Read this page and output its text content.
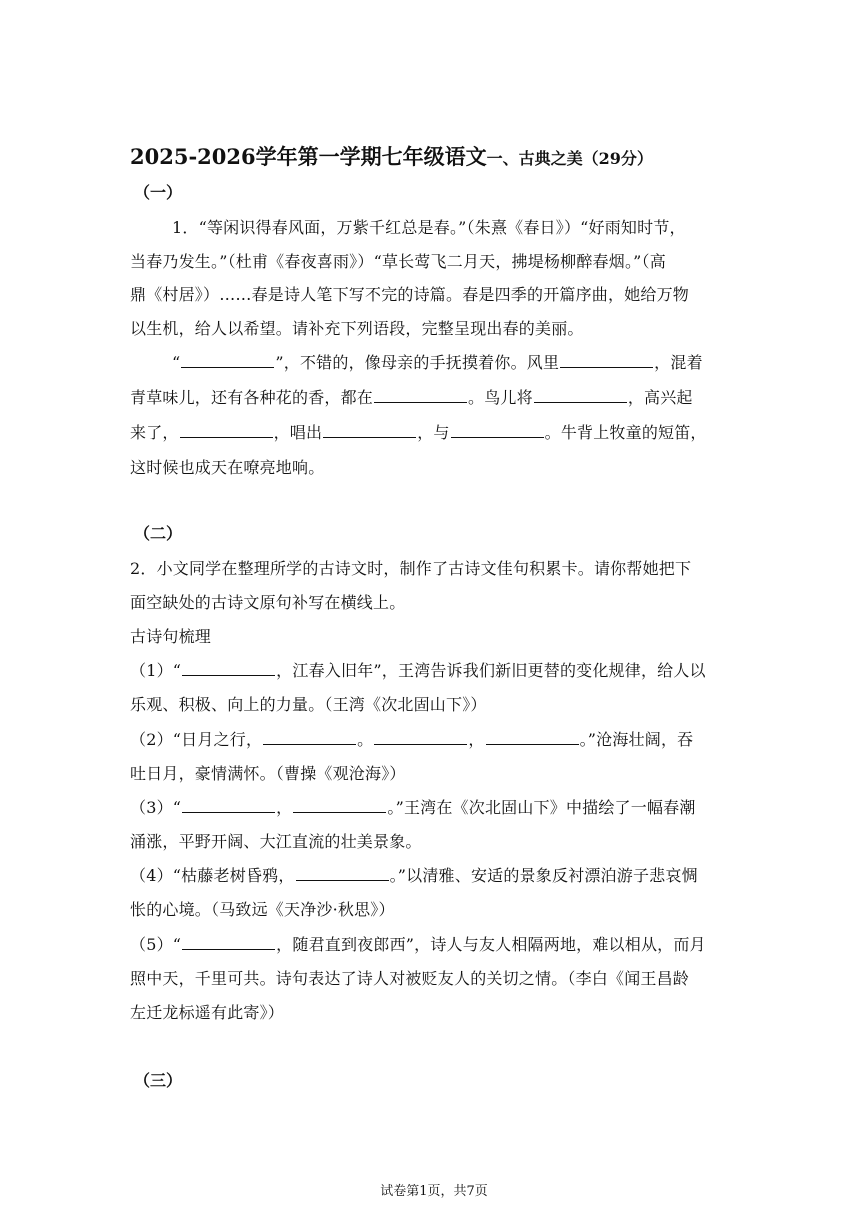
2025-2026学年第一学期七年级语文一、古典之美（29分）
（一）
1．“等闲识得春风面，万紫千红总是春。”（朱熹《春日》）“好雨知时节，
当春乃发生。”（杜甫《春夜喜雨》）“草长莺飞二月天，拂堤杨柳醉春烟。”（高
鼎《村居》）……春是诗人笔下写不完的诗篇。春是四季的开篇序曲，她给万物
以生机，给人以希望。请补充下列语段，完整呈现出春的美丽。
“	”，不错的，像母亲的手抚摸着你。风里	，混着
青草味儿，还有各种花的香，都在	。鸟儿将	，高兴起
来了，	，唱出	，与	。牛背上牧童的短笛，
这时候也成天在嘹亮地响。
（二）
2．小文同学在整理所学的古诗文时，制作了古诗文佳句积累卡。请你帮她把下
面空缺处的古诗文原句补写在横线上。
古诗句梳理
（1）“	，江春入旧年”，王湾告诉我们新旧更替的变化规律，给人以
乐观、积极、向上的力量。（王湾《次北固山下》）
（2）“日月之行，	。	，	。”沧海壮阔，吞
吐日月，豪情满怀。（曹操《观沧海》）
（3）“	，	。”王湾在《次北固山下》中描绘了一幅春潮
涌涨，平野开阔、大江直流的壮美景象。
（4）“枯藤老树昏鸦，	。”以清雅、安适的景象反衬漂泊游子悲哀惆
怅的心境。（马致远《天净沙·秋思》）
（5）“	，随君直到夜郎西”，诗人与友人相隔两地，难以相从，而月
照中天，千里可共。诗句表达了诗人对被贬友人的关切之情。（李白《闻王昌龄
左迁龙标遥有此寄》）
（三）
试卷第1页，共7页
